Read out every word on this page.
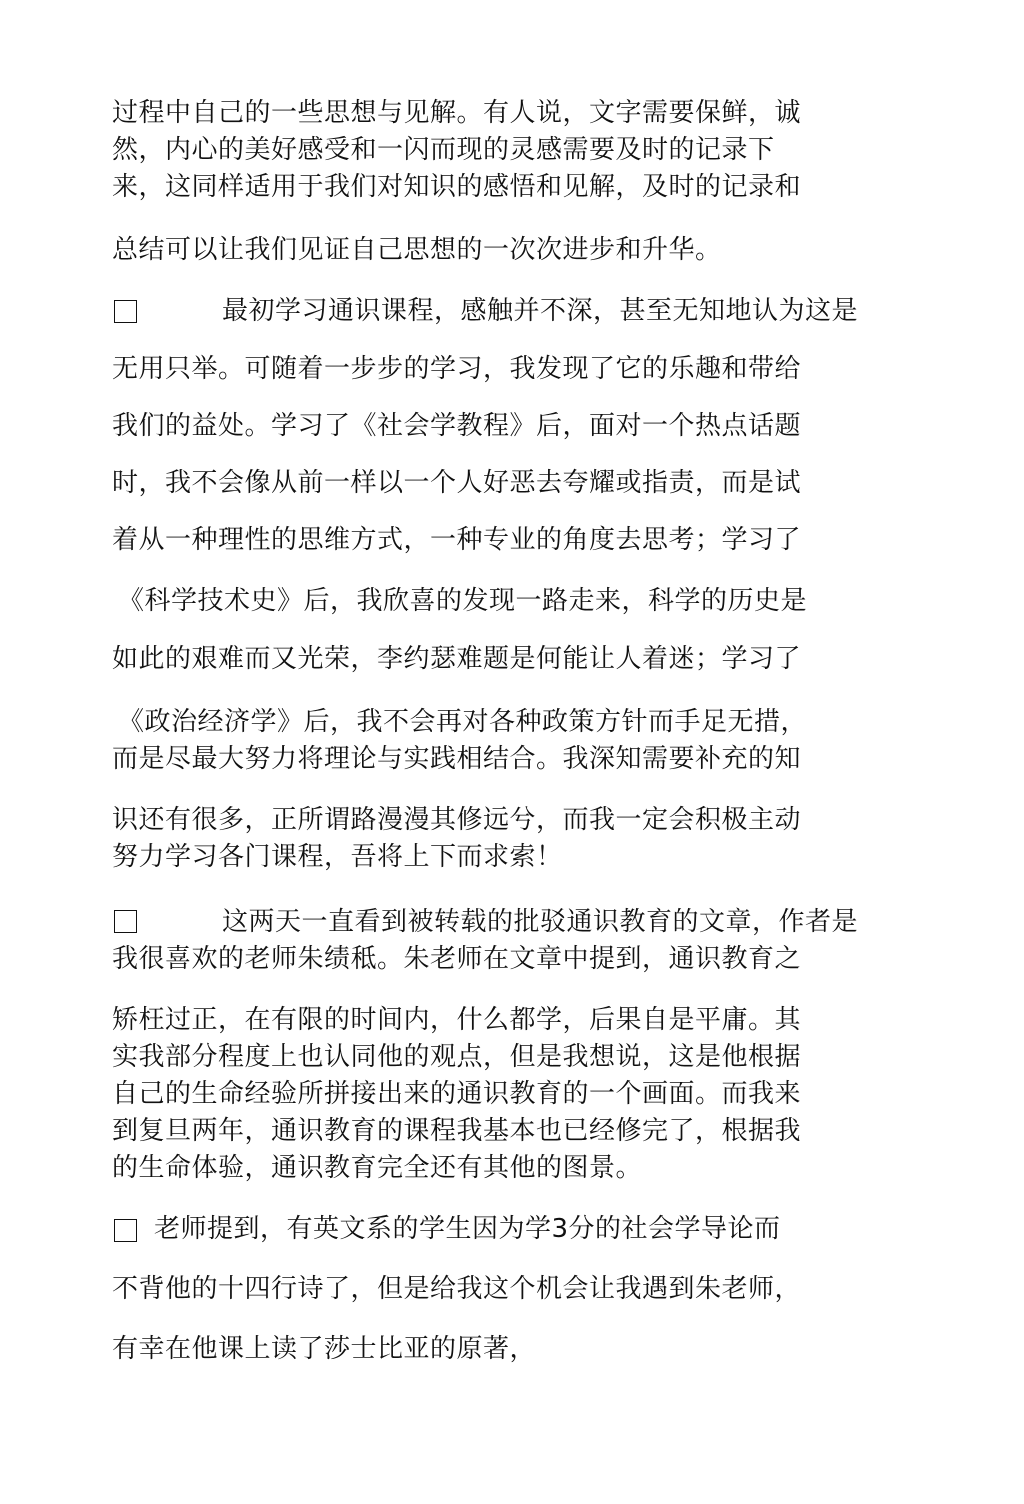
过程中自己的一些思想与见解。有人说，文字需要保鲜，诚
然，内心的美好感受和一闪而现的灵感需要及时的记录下
来，这同样适用于我们对知识的感悟和见解，及时的记录和
总结可以让我们见证自己思想的一次次进步和升华。
最初学习通识课程，感触并不深，甚至无知地认为这是
无用只举。可随着一步步的学习，我发现了它的乐趣和带给
我们的益处。学习了《社会学教程》后，面对一个热点话题
时，我不会像从前一样以一个人好恶去夸耀或指责，而是试
着从一种理性的思维方式，一种专业的角度去思考；学习了
《科学技术史》后，我欣喜的发现一路走来，科学的历史是
如此的艰难而又光荣，李约瑟难题是何能让人着迷；学习了
《政治经济学》后，我不会再对各种政策方针而手足无措，
而是尽最大努力将理论与实践相结合。我深知需要补充的知
识还有很多，正所谓路漫漫其修远兮，而我一定会积极主动
努力学习各门课程，吾将上下而求索！
这两天一直看到被转载的批驳通识教育的文章，作者是
我很喜欢的老师朱绩秪。朱老师在文章中提到，通识教育之
矫枉过正，在有限的时间内，什么都学，后果自是平庸。其
实我部分程度上也认同他的观点，但是我想说，这是他根据
自己的生命经验所拼接出来的通识教育的一个画面。而我来
到复旦两年，通识教育的课程我基本也已经修完了，根据我
的生命体验，通识教育完全还有其他的图景。
老师提到，有英文系的学生因为学3分的社会学导论而
不背他的十四行诗了，但是给我这个机会让我遇到朱老师，
有幸在他课上读了莎士比亚的原著，
